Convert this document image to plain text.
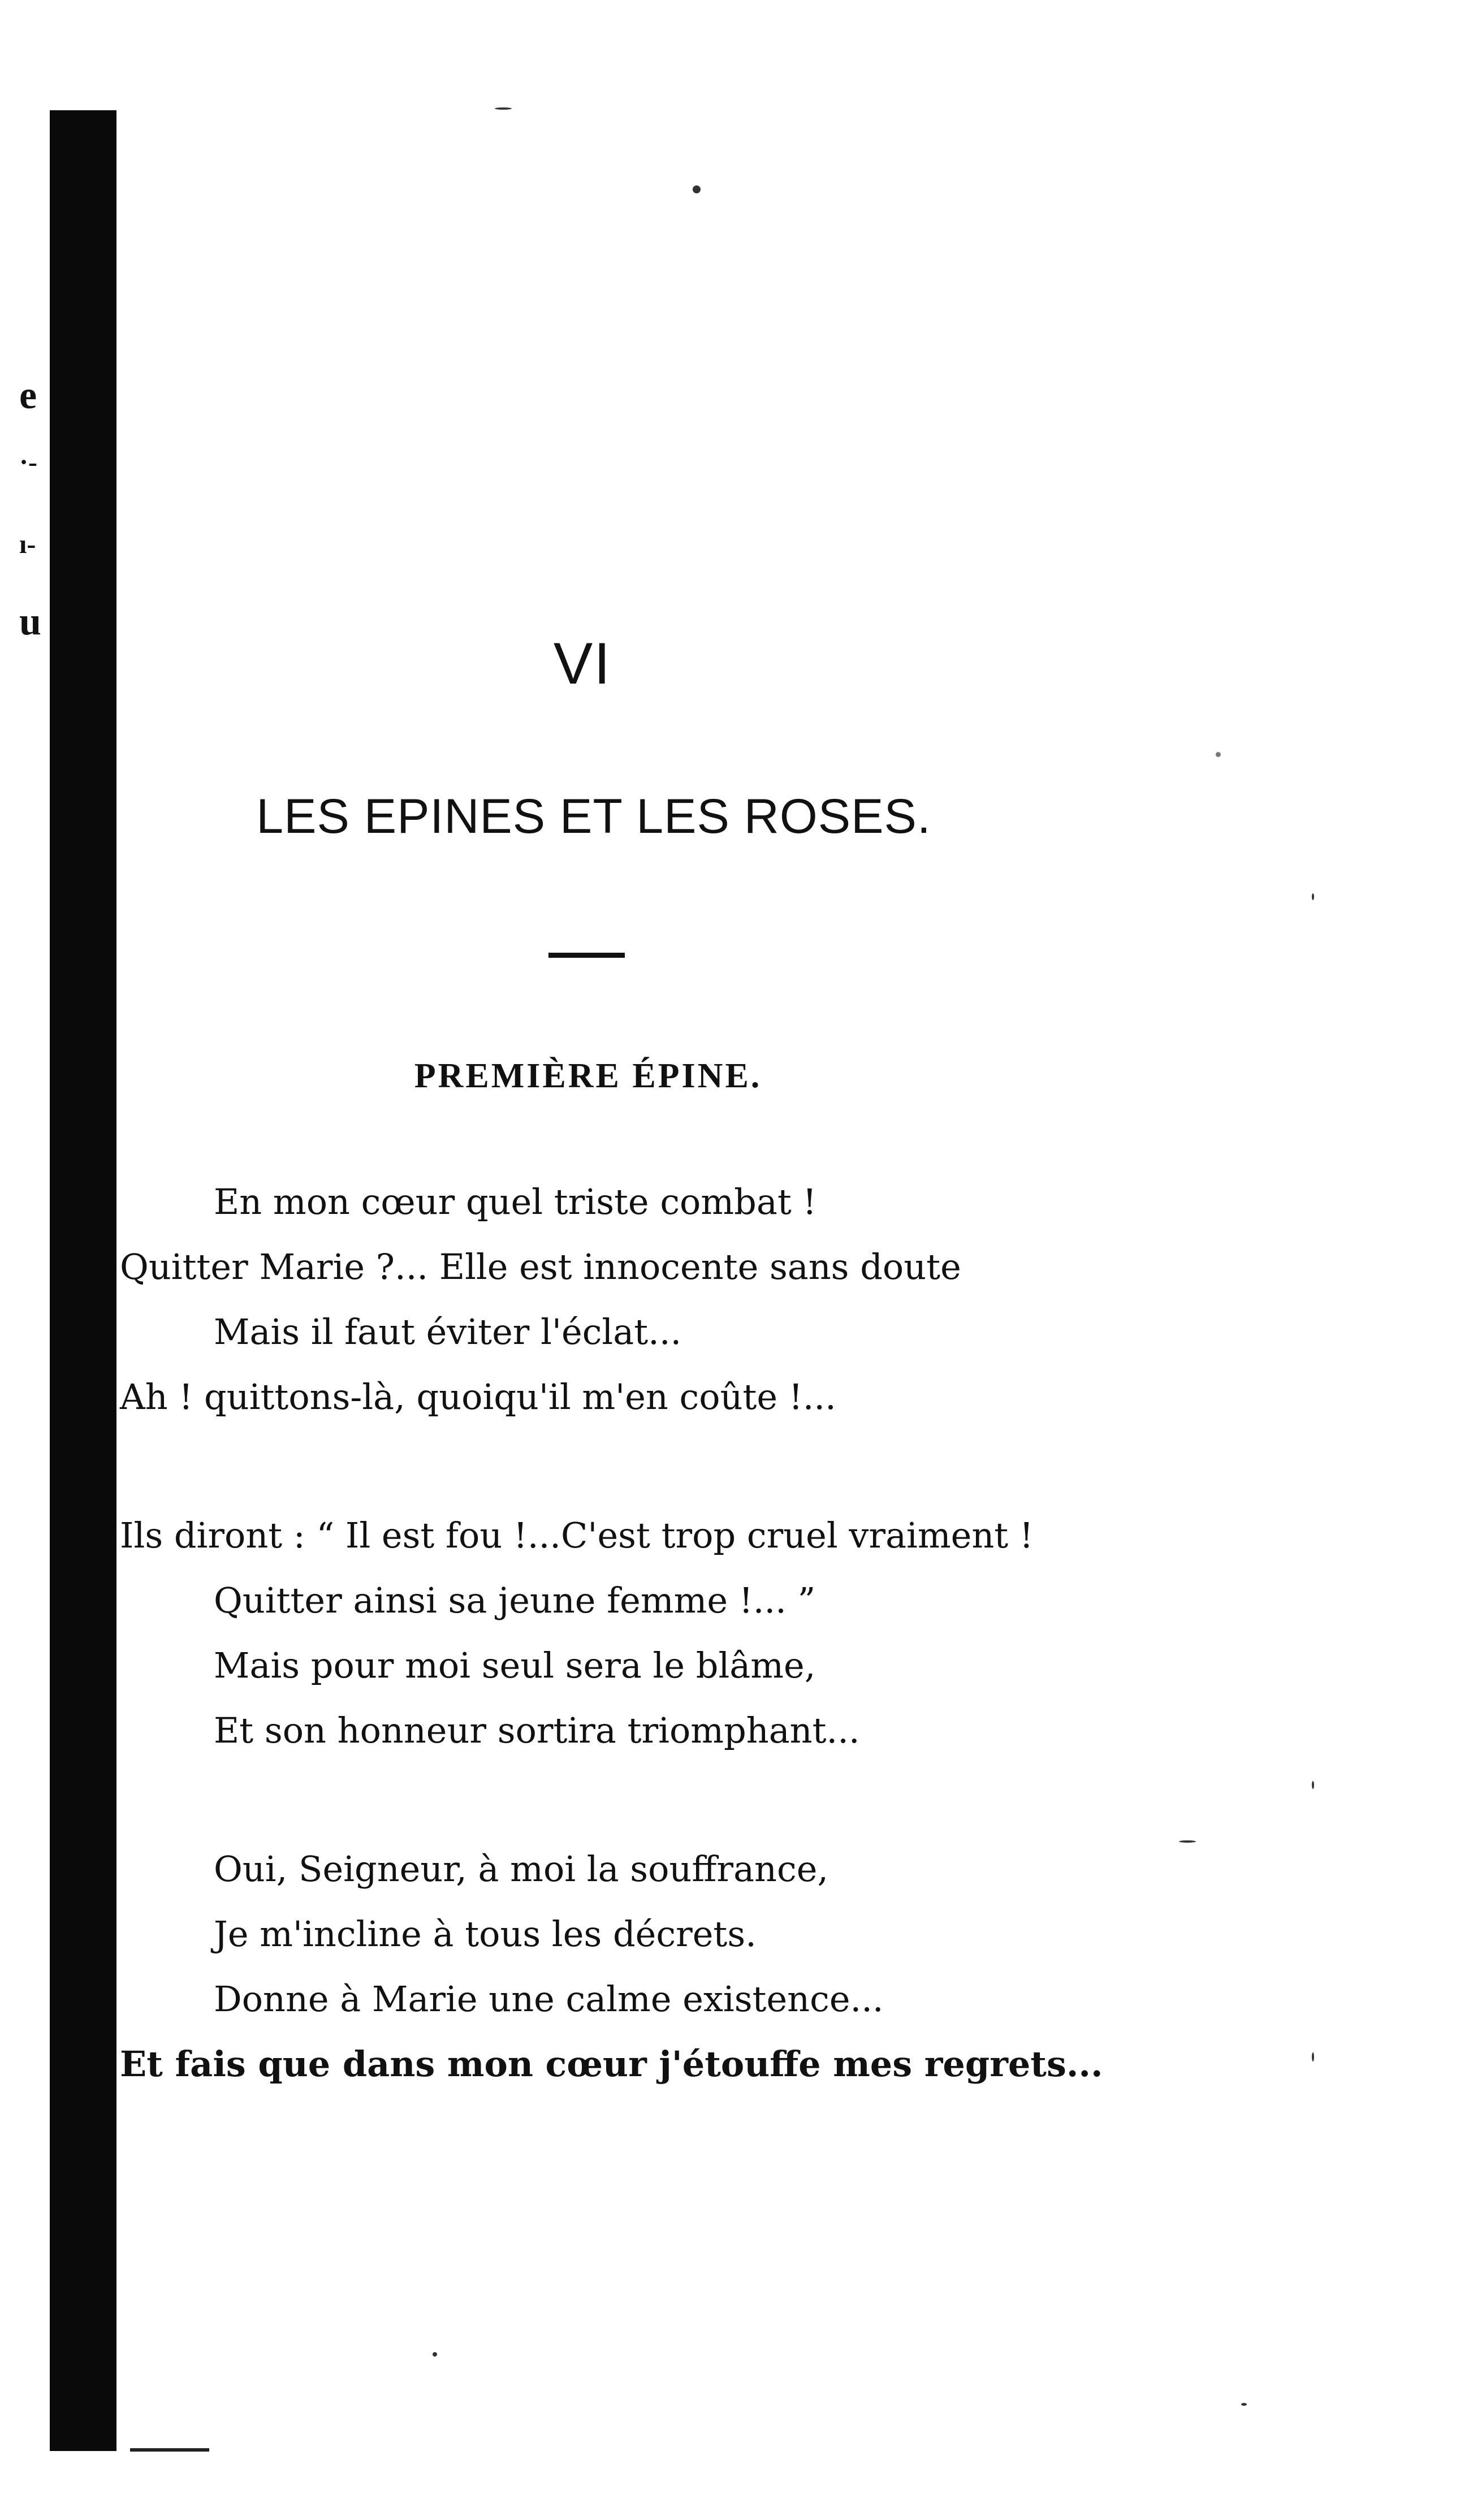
e
·-
ı-
u
VI
LES EPINES ET LES ROSES.
PREMIÈRE ÉPINE.
En mon cœur quel triste combat !
Quitter Marie ?... Elle est innocente sans doute
Mais il faut éviter l'éclat...
Ah ! quittons-là, quoiqu'il m'en coûte !...
Ils diront : “ Il est fou !...C'est trop cruel vraiment !
Quitter ainsi sa jeune femme !... ”
Mais pour moi seul sera le blâme,
Et son honneur sortira triomphant...
Oui, Seigneur, à moi la souffrance,
Je m'incline à tous les décrets.
Donne à Marie une calme existence...
Et fais que dans mon cœur j'étouffe mes regrets...
